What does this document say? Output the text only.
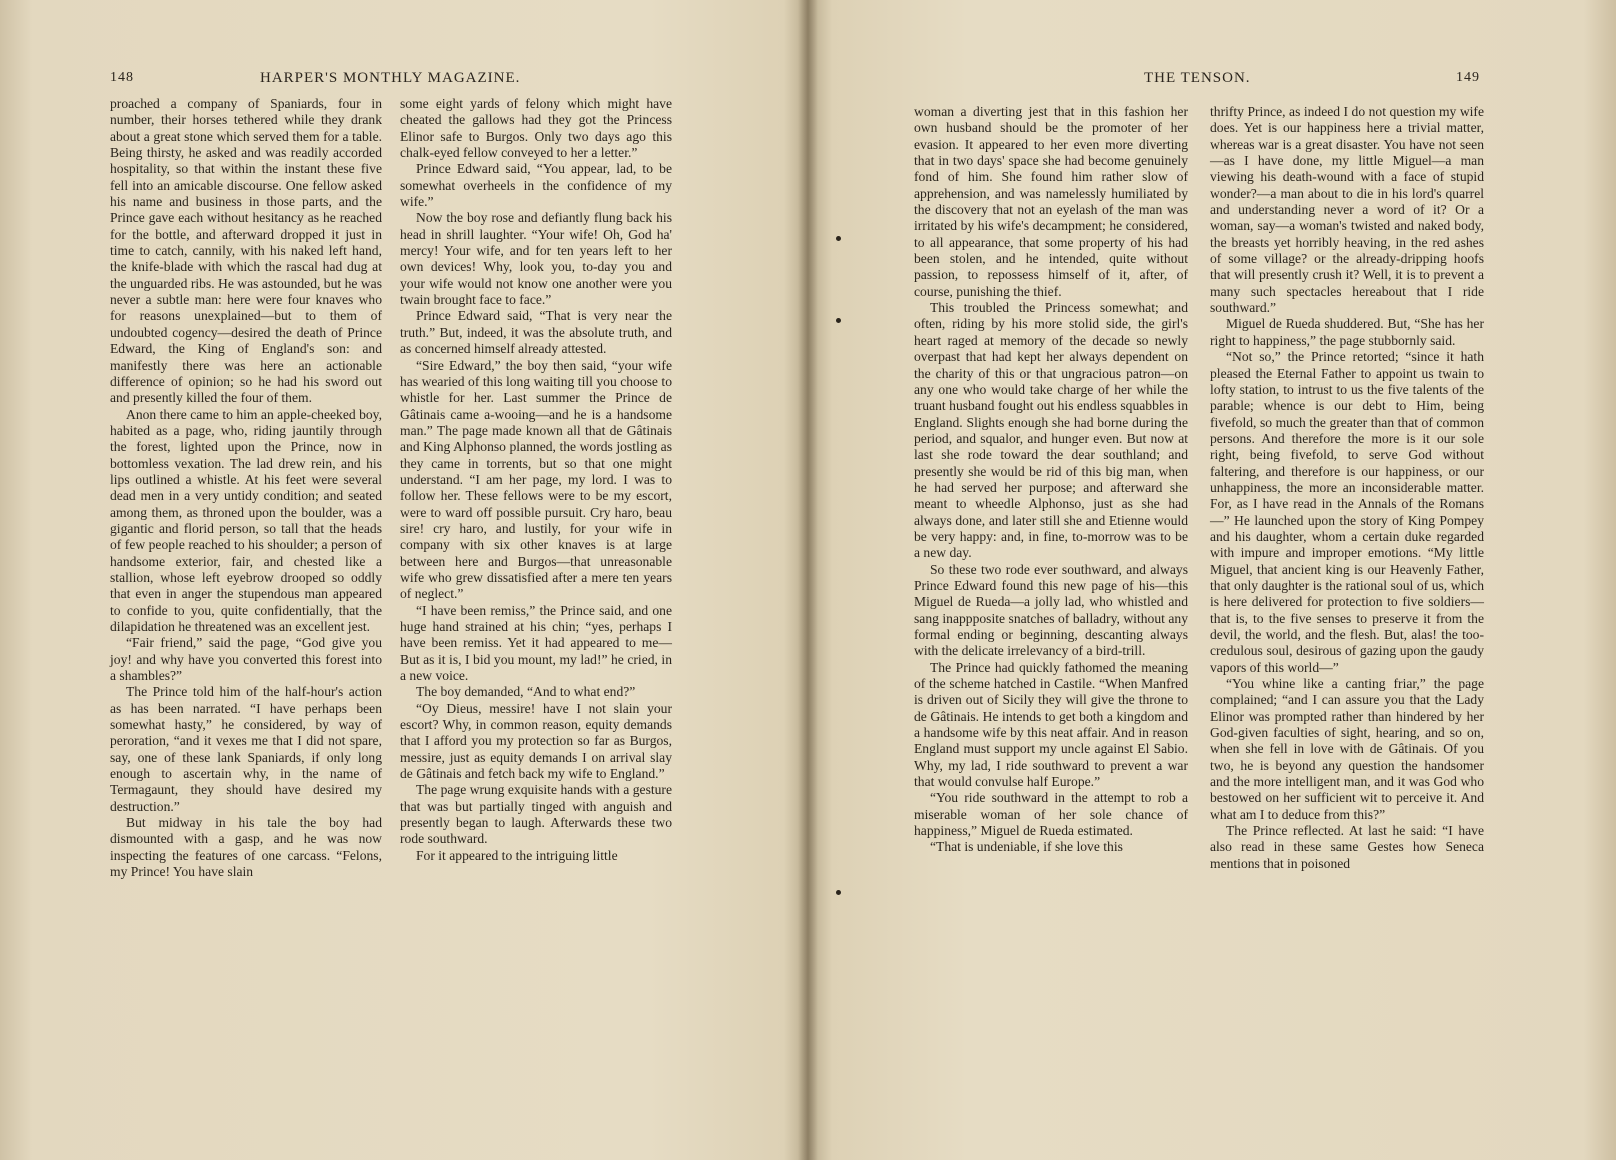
148	HARPER'S MONTHLY MAGAZINE.

proached a company of Spaniards, four in number, their horses tethered while they drank about a great stone which served them for a table. Being thirsty, he asked and was readily accorded hospitality, so that within the instant these five fell into an amicable discourse. One fellow asked his name and business in those parts, and the Prince gave each without hesitancy as he reached for the bottle, and afterward dropped it just in time to catch, cannily, with his naked left hand, the knife-blade with which the rascal had dug at the unguarded ribs. He was astounded, but he was never a subtle man: here were four knaves who for reasons unexplained—but to them of undoubted cogency—desired the death of Prince Edward, the King of England's son: and manifestly there was here an actionable difference of opinion; so he had his sword out and presently killed the four of them.

Anon there came to him an apple-cheeked boy, habited as a page, who, riding jauntily through the forest, lighted upon the Prince, now in bottomless vexation. The lad drew rein, and his lips outlined a whistle. At his feet were several dead men in a very untidy condition; and seated among them, as throned upon the boulder, was a gigantic and florid person, so tall that the heads of few people reached to his shoulder; a person of handsome exterior, fair, and chested like a stallion, whose left eyebrow drooped so oddly that even in anger the stupendous man appeared to confide to you, quite confidentially, that the dilapidation he threatened was an excellent jest.

“Fair friend,” said the page, “God give you joy! and why have you converted this forest into a shambles?”

The Prince told him of the half-hour's action as has been narrated. “I have perhaps been somewhat hasty,” he considered, by way of peroration, “and it vexes me that I did not spare, say, one of these lank Spaniards, if only long enough to ascertain why, in the name of Termagaunt, they should have desired my destruction.”

But midway in his tale the boy had dismounted with a gasp, and he was now inspecting the features of one carcass. “Felons, my Prince! You have slain

some eight yards of felony which might have cheated the gallows had they got the Princess Elinor safe to Burgos. Only two days ago this chalk-eyed fellow conveyed to her a letter.”

Prince Edward said, “You appear, lad, to be somewhat overheels in the confidence of my wife.”

Now the boy rose and defiantly flung back his head in shrill laughter. “Your wife! Oh, God ha' mercy! Your wife, and for ten years left to her own devices! Why, look you, to-day you and your wife would not know one another were you twain brought face to face.”

Prince Edward said, “That is very near the truth.” But, indeed, it was the absolute truth, and as concerned himself already attested.

“Sire Edward,” the boy then said, “your wife has wearied of this long waiting till you choose to whistle for her. Last summer the Prince de Gâtinais came a-wooing—and he is a handsome man.” The page made known all that de Gâtinais and King Alphonso planned, the words jostling as they came in torrents, but so that one might understand. “I am her page, my lord. I was to follow her. These fellows were to be my escort, were to ward off possible pursuit. Cry haro, beau sire! cry haro, and lustily, for your wife in company with six other knaves is at large between here and Burgos—that unreasonable wife who grew dissatisfied after a mere ten years of neglect.”

“I have been remiss,” the Prince said, and one huge hand strained at his chin; “yes, perhaps I have been remiss. Yet it had appeared to me— But as it is, I bid you mount, my lad!” he cried, in a new voice.

The boy demanded, “And to what end?”

“Oy Dieus, messire! have I not slain your escort? Why, in common reason, equity demands that I afford you my protection so far as Burgos, messire, just as equity demands I on arrival slay de Gâtinais and fetch back my wife to England.”

The page wrung exquisite hands with a gesture that was but partially tinged with anguish and presently began to laugh. Afterwards these two rode southward.

For it appeared to the intriguing little

THE TENSON.	149

woman a diverting jest that in this fashion her own husband should be the promoter of her evasion. It appeared to her even more diverting that in two days' space she had become genuinely fond of him. She found him rather slow of apprehension, and was namelessly humiliated by the discovery that not an eyelash of the man was irritated by his wife's decampment; he considered, to all appearance, that some property of his had been stolen, and he intended, quite without passion, to repossess himself of it, after, of course, punishing the thief.

This troubled the Princess somewhat; and often, riding by his more stolid side, the girl's heart raged at memory of the decade so newly overpast that had kept her always dependent on the charity of this or that ungracious patron—on any one who would take charge of her while the truant husband fought out his endless squabbles in England. Slights enough she had borne during the period, and squalor, and hunger even. But now at last she rode toward the dear southland; and presently she would be rid of this big man, when he had served her purpose; and afterward she meant to wheedle Alphonso, just as she had always done, and later still she and Etienne would be very happy: and, in fine, to-morrow was to be a new day.

So these two rode ever southward, and always Prince Edward found this new page of his—this Miguel de Rueda—a jolly lad, who whistled and sang inappposite snatches of balladry, without any formal ending or beginning, descanting always with the delicate irrelevancy of a bird-trill.

The Prince had quickly fathomed the meaning of the scheme hatched in Castile. “When Manfred is driven out of Sicily they will give the throne to de Gâtinais. He intends to get both a kingdom and a handsome wife by this neat affair. And in reason England must support my uncle against El Sabio. Why, my lad, I ride southward to prevent a war that would convulse half Europe.”

“You ride southward in the attempt to rob a miserable woman of her sole chance of happiness,” Miguel de Rueda estimated.

“That is undeniable, if she love this

thrifty Prince, as indeed I do not question my wife does. Yet is our happiness here a trivial matter, whereas war is a great disaster. You have not seen—as I have done, my little Miguel—a man viewing his death-wound with a face of stupid wonder?—a man about to die in his lord's quarrel and understanding never a word of it? Or a woman, say—a woman's twisted and naked body, the breasts yet horribly heaving, in the red ashes of some village? or the already-dripping hoofs that will presently crush it? Well, it is to prevent a many such spectacles hereabout that I ride southward.”

Miguel de Rueda shuddered. But, “She has her right to happiness,” the page stubbornly said.

“Not so,” the Prince retorted; “since it hath pleased the Eternal Father to appoint us twain to lofty station, to intrust to us the five talents of the parable; whence is our debt to Him, being fivefold, so much the greater than that of common persons. And therefore the more is it our sole right, being fivefold, to serve God without faltering, and therefore is our happiness, or our unhappiness, the more an inconsiderable matter. For, as I have read in the Annals of the Romans—” He launched upon the story of King Pompey and his daughter, whom a certain duke regarded with impure and improper emotions. “My little Miguel, that ancient king is our Heavenly Father, that only daughter is the rational soul of us, which is here delivered for protection to five soldiers—that is, to the five senses to preserve it from the devil, the world, and the flesh. But, alas! the too-credulous soul, desirous of gazing upon the gaudy vapors of this world—”

“You whine like a canting friar,” the page complained; “and I can assure you that the Lady Elinor was prompted rather than hindered by her God-given faculties of sight, hearing, and so on, when she fell in love with de Gâtinais. Of you two, he is beyond any question the handsomer and the more intelligent man, and it was God who bestowed on her sufficient wit to perceive it. And what am I to deduce from this?”

The Prince reflected. At last he said: “I have also read in these same Gestes how Seneca mentions that in poisoned
